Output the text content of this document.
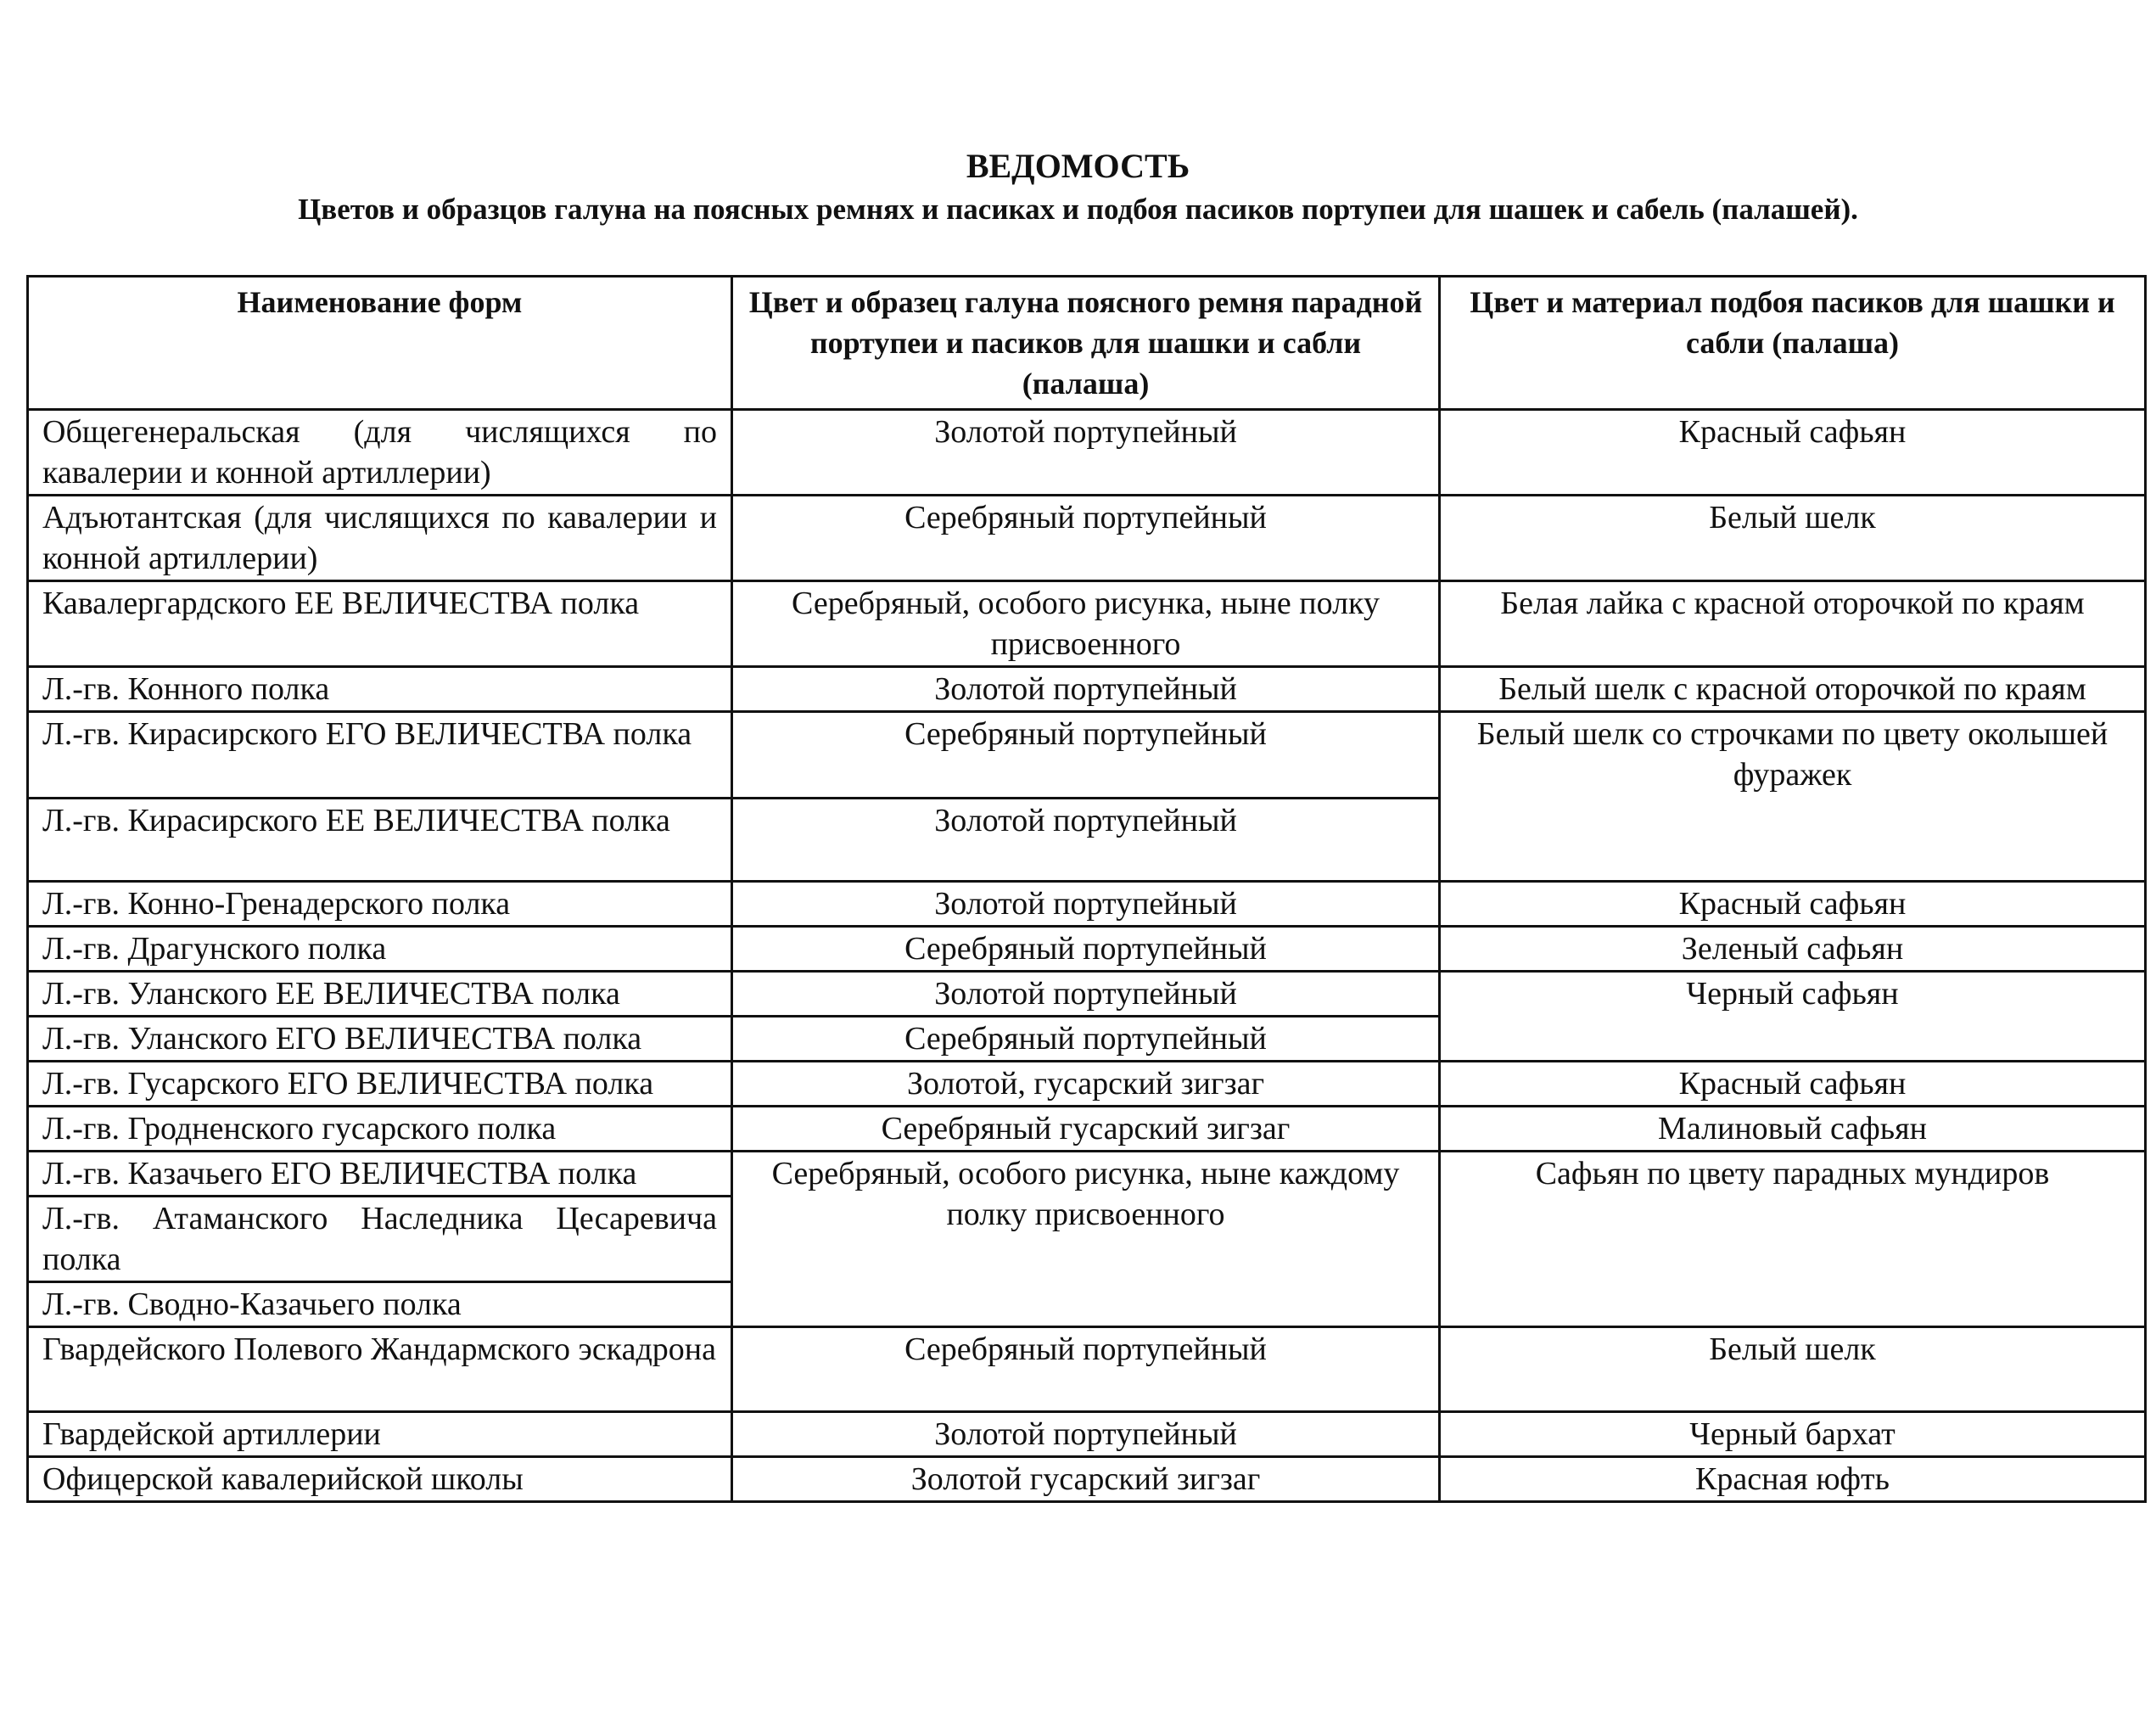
ВЕДОМОСТЬ
Цветов и образцов галуна на поясных ремнях и пасиках и подбоя пасиков портупеи для шашек и сабель (палашей).
Наименование форм	Цвет и образец галуна поясного ремня парадной портупеи и пасиков для шашки и сабли (палаша)	Цвет и материал подбоя пасиков для шашки и сабли (палаша)
Общегенеральская (для числящихся по кавалерии и конной артиллерии)	Золотой портупейный	Красный сафьян
Адъютантская (для числящихся по кавалерии и конной артиллерии)	Серебряный портупейный	Белый шелк
Кавалергардского ЕЕ ВЕЛИЧЕСТВА полка	Серебряный, особого рисунка, ныне полку присвоенного	Белая лайка с красной оторочкой по краям
Л.-гв. Конного полка	Золотой портупейный	Белый шелк с красной оторочкой по краям
Л.-гв. Кирасирского ЕГО ВЕЛИЧЕСТВА полка	Серебряный портупейный	Белый шелк со строчками по цвету околышей фуражек
Л.-гв. Кирасирского ЕЕ ВЕЛИЧЕСТВА полка	Золотой портупейный	
Л.-гв. Конно-Гренадерского полка	Золотой портупейный	Красный сафьян
Л.-гв. Драгунского полка	Серебряный портупейный	Зеленый сафьян
Л.-гв. Уланского ЕЕ ВЕЛИЧЕСТВА полка	Золотой портупейный	Черный сафьян
Л.-гв. Уланского ЕГО ВЕЛИЧЕСТВА полка	Серебряный портупейный	
Л.-гв. Гусарского ЕГО ВЕЛИЧЕСТВА полка	Золотой, гусарский зигзаг	Красный сафьян
Л.-гв. Гродненского гусарского полка	Серебряный гусарский зигзаг	Малиновый сафьян
Л.-гв. Казачьего ЕГО ВЕЛИЧЕСТВА полка	Серебряный, особого рисунка, ныне каждому полку присвоенного	Сафьян по цвету парадных мундиров
Л.-гв. Атаманского Наследника Цесаревича полка		
Л.-гв. Сводно-Казачьего полка		
Гвардейского Полевого Жандармского эскадрона	Серебряный портупейный	Белый шелк
Гвардейской артиллерии	Золотой портупейный	Черный бархат
Офицерской кавалерийской школы	Золотой гусарский зигзаг	Красная юфть
